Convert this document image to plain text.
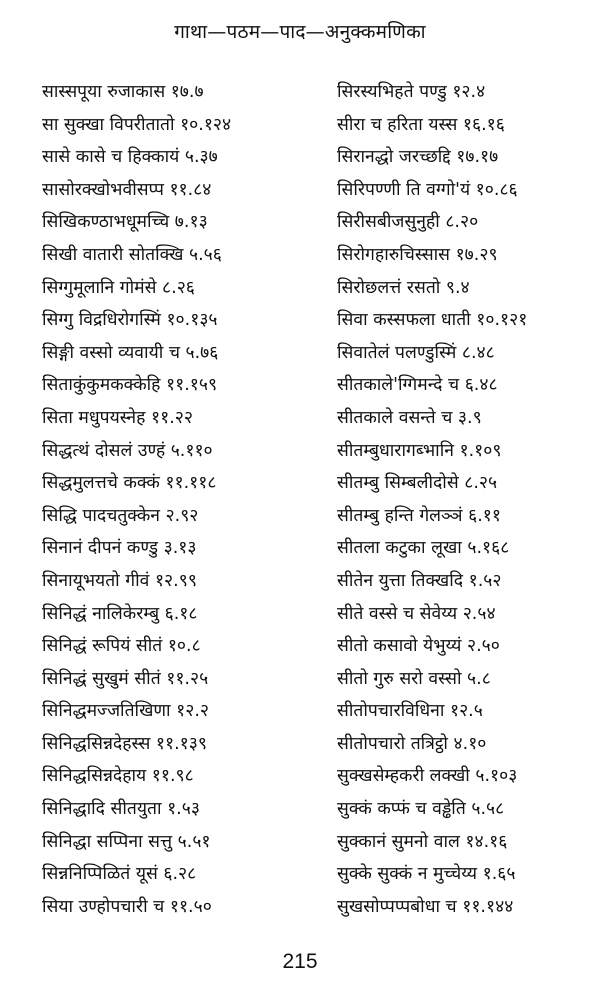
गाथा—पठम—पाद—अनुक्कमणिका
सास्सपूया रुजाकास १७.७
सा सुक्खा विपरीतातो १०.१२४
सासे कासे च हिक्कायं ५.३७
सासोरक्खोभवीसप्प ११.८४
सिखिकण्ठाभधूमच्चि ७.१३
सिखी वातारी सोतक्खि ५.५६
सिग्गुमूलानि गोमंसे ८.२६
सिग्गु विद्रधिरोगस्मिं १०.१३५
सिङ्गी वस्सो व्यवायी च ५.७६
सिताकुंकुमकक्केहि ११.१५९
सिता मधुपयस्नेह ११.२२
सिद्धत्थं दोसलं उण्हं ५.११०
सिद्धमुलत्तचे कक्कं ११.११८
सिद्धि पादचतुक्केन २.९२
सिनानं दीपनं कण्डु ३.१३
सिनायूभयतो गीवं १२.९९
सिनिद्धं नालिकेरम्बु ६.१८
सिनिद्धं रूपियं सीतं १०.८
सिनिद्धं सुखुमं सीतं ११.२५
सिनिद्धमज्जतिखिणा १२.२
सिनिद्धसिन्नदेहस्स ११.१३९
सिनिद्धसिन्नदेहाय ११.९८
सिनिद्धादि सीतयुता १.५३
सिनिद्धा सप्पिना सत्तु ५.५१
सिन्ननिप्पिळितं यूसं ६.२८
सिया उण्होपचारी च ११.५०
सिरस्यभिहते पण्डु १२.४
सीरा च हरिता यस्स १६.१६
सिरानद्धो जरच्छद्दि १७.१७
सिरिपण्णी ति वग्गो'यं १०.८६
सिरीसबीजसुनुही ८.२०
सिरोगहारुचिस्सास १७.२९
सिरोछलत्तं रसतो ९.४
सिवा कस्सफला धाती १०.१२१
सिवातेलं पलण्डुस्मिं ८.४८
सीतकाले'ग्गिमन्दे च ६.४८
सीतकाले वसन्ते च ३.९
सीतम्बुधारागब्भानि १.१०९
सीतम्बु सिम्बलीदोसे ८.२५
सीतम्बु हन्ति गेलञ्ञं ६.११
सीतला कटुका लूखा ५.१६८
सीतेन युत्ता तिक्खदि १.५२
सीते वस्से च सेवेय्य २.५४
सीतो कसावो येभुय्यं २.५०
सीतो गुरु सरो वस्सो ५.८
सीतोपचारविधिना १२.५
सीतोपचारो तत्रिट्ठो ४.१०
सुक्खसेम्हकरी लक्खी ५.१०३
सुक्कं कप्फं च वड्ढेति ५.५८
सुक्कानं सुमनो वाल १४.१६
सुक्के सुक्कं न मुच्चेय्य १.६५
सुखसोप्पप्पबोधा च ११.१४४
215
